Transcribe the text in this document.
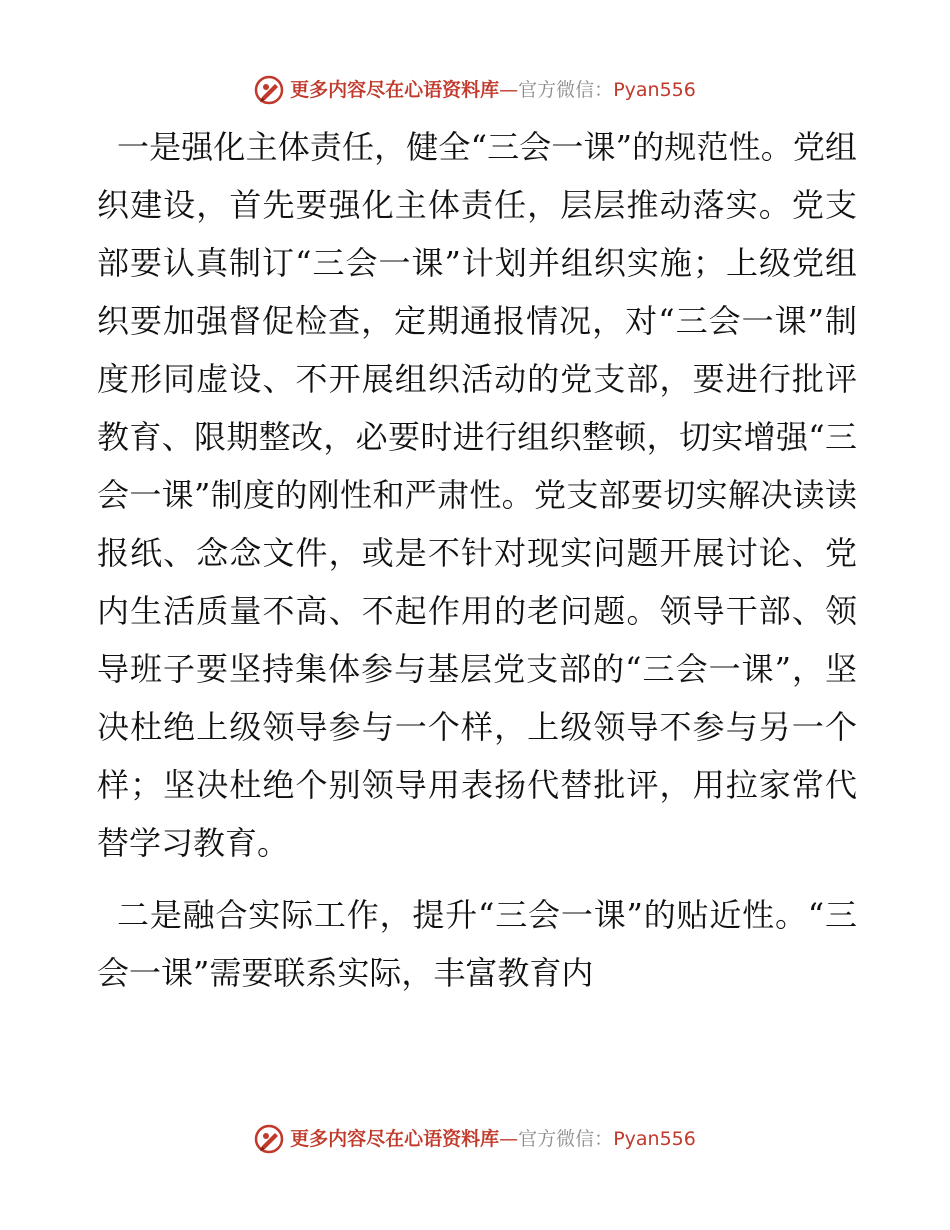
更多内容尽在心语资料库 — 官方微信： Pyan556

一是强化主体责任，健全“三会一课”的规范性。党组织建设，首先要强化主体责任，层层推动落实。党支部要认真制订“三会一课”计划并组织实施；上级党组织要加强督促检查，定期通报情况，对“三会一课”制度形同虚设、不开展组织活动的党支部，要进行批评教育、限期整改，必要时进行组织整顿，切实增强“三会一课”制度的刚性和严肃性。党支部要切实解决读读报纸、念念文件，或是不针对现实问题开展讨论、党内生活质量不高、不起作用的老问题。领导干部、领导班子要坚持集体参与基层党支部的“三会一课”，坚决杜绝上级领导参与一个样，上级领导不参与另一个样；坚决杜绝个别领导用表扬代替批评，用拉家常代替学习教育。

二是融合实际工作，提升“三会一课”的贴近性。“三会一课”需要联系实际，丰富教育内

更多内容尽在心语资料库 — 官方微信： Pyan556
